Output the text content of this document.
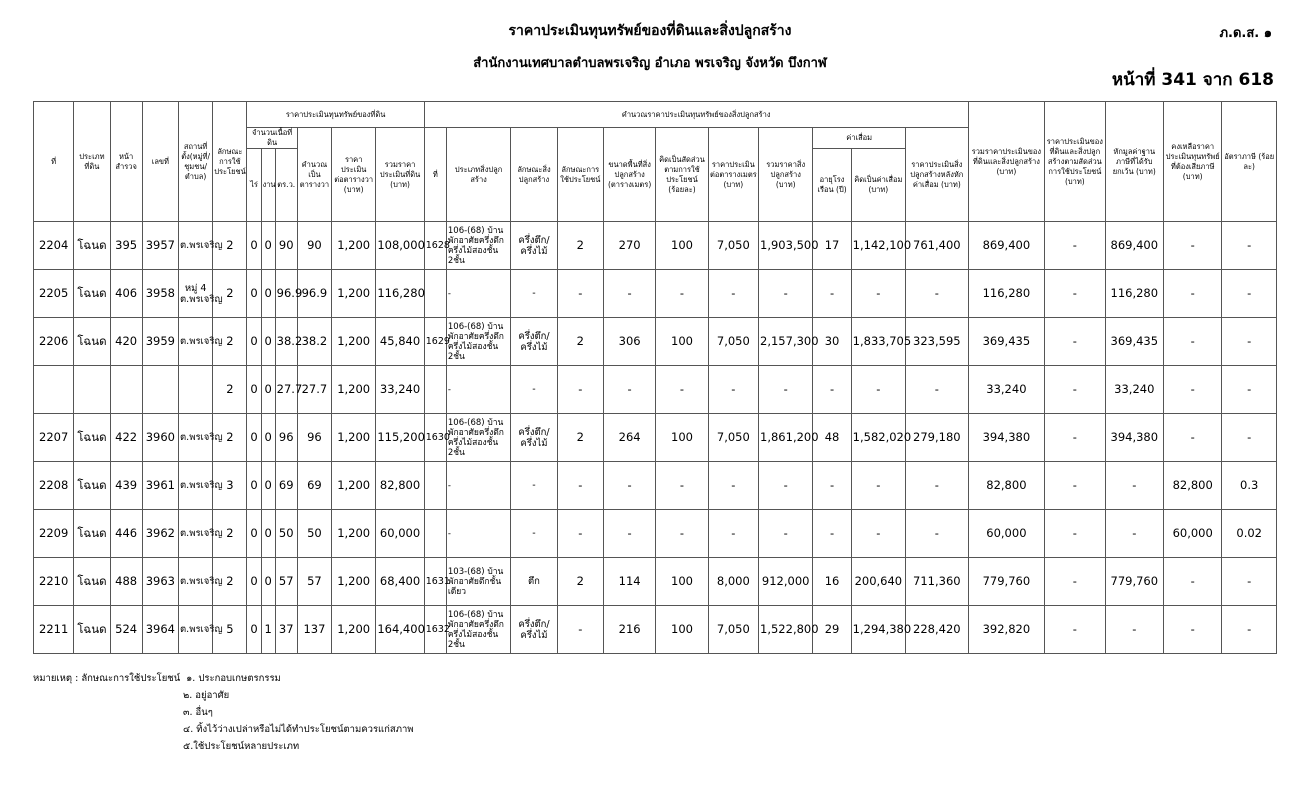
ราคาประเมินทุนทรัพย์ของที่ดินและสิ่งปลูกสร้าง	ภ.ด.ส. ๑
สำนักงานเทศบาลตำบลพรเจริญ อำเภอ พรเจริญ จังหวัด บึงกาฬ
หน้าที่ 341 จาก 618
ที่	ประเภทที่ดิน	หน้าสำรวจ	เลขที่	สถานที่ตั้ง(หมู่ที่/ชุมชน/ตำบล)	ลักษณะการใช้ประโยชน์	ราคาประเมินทุนทรัพย์ของที่ดิน						คำนวณราคาประเมินทุนทรัพย์ของสิ่งปลูกสร้าง											รวมราคาประเมินของที่ดินและสิ่งปลูกสร้าง (บาท)	ราคาประเมินของที่ดินและสิ่งปลูกสร้างตามสัดส่วนการใช้ประโยชน์ (บาท)	หักมูลค่าฐานภาษีที่ได้รับยกเว้น (บาท)	คงเหลือราคาประเมินทุนทรัพย์ที่ต้องเสียภาษี (บาท)	อัตราภาษี (ร้อยละ)
						จำนวนเนื้อที่ดิน			คำนวณเป็นตารางวา	ราคาประเมินต่อตารางวา (บาท)	รวมราคาประเมินที่ดิน (บาท)	ที่	ประเภทสิ่งปลูกสร้าง	ลักษณะสิ่งปลูกสร้าง	ลักษณะการใช้ประโยชน์	ขนาดพื้นที่สิ่งปลูกสร้าง (ตารางเมตร)	คิดเป็นสัดส่วนตามการใช้ประโยชน์ (ร้อยละ)	ราคาประเมินต่อตารางเมตร (บาท)	รวมราคาสิ่งปลูกสร้าง (บาท)	ค่าเสื่อม		ราคาประเมินสิ่งปลูกสร้างหลังหักค่าเสื่อม (บาท)					
						ไร่	งาน	ตร.ว.												อายุโรงเรือน (ปี)	คิดเป็นค่าเสื่อม (บาท)						
2204	โฉนด	395	3957	ต.พรเจริญ	2	0	0	90	90	1,200	108,000	1628	106-(68) บ้านพักอาศัยครึ่งตึกครึ่งไม้สองชั้น 2ชั้น	ครึ่งตึก/ครึ่งไม้	2	270	100	7,050	1,903,500	17	1,142,100	761,400	869,400	-	869,400	-	-
2205	โฉนด	406	3958	หมู่ 4 ต.พรเจริญ	2	0	0	96.9	96.9	1,200	116,280		-	-	-	-	-	-	-	-	-	-	116,280	-	116,280	-	-
2206	โฉนด	420	3959	ต.พรเจริญ	2	0	0	38.2	38.2	1,200	45,840	1629	106-(68) บ้านพักอาศัยครึ่งตึกครึ่งไม้สองชั้น 2ชั้น	ครึ่งตึก/ครึ่งไม้	2	306	100	7,050	2,157,300	30	1,833,705	323,595	369,435	-	369,435	-	-
					2	0	0	27.7	27.7	1,200	33,240		-	-	-	-	-	-	-	-	-	-	33,240	-	33,240	-	-
2207	โฉนด	422	3960	ต.พรเจริญ	2	0	0	96	96	1,200	115,200	1630	106-(68) บ้านพักอาศัยครึ่งตึกครึ่งไม้สองชั้น 2ชั้น	ครึ่งตึก/ครึ่งไม้	2	264	100	7,050	1,861,200	48	1,582,020	279,180	394,380	-	394,380	-	-
2208	โฉนด	439	3961	ต.พรเจริญ	3	0	0	69	69	1,200	82,800		-	-	-	-	-	-	-	-	-	-	82,800	-	-	82,800	0.3
2209	โฉนด	446	3962	ต.พรเจริญ	2	0	0	50	50	1,200	60,000		-	-	-	-	-	-	-	-	-	-	60,000	-	-	60,000	0.02
2210	โฉนด	488	3963	ต.พรเจริญ	2	0	0	57	57	1,200	68,400	1631	103-(68) บ้านพักอาศัยตึกชั้นเดียว	ตึก	2	114	100	8,000	912,000	16	200,640	711,360	779,760	-	779,760	-	-
2211	โฉนด	524	3964	ต.พรเจริญ	5	0	1	37	137	1,200	164,400	1632	106-(68) บ้านพักอาศัยครึ่งตึกครึ่งไม้สองชั้น 2ชั้น	ครึ่งตึก/ครึ่งไม้	-	216	100	7,050	1,522,800	29	1,294,380	228,420	392,820	-	-	-	-
หมายเหตุ : ลักษณะการใช้ประโยชน์ ๑. ประกอบเกษตรกรรม
๒. อยู่อาศัย
๓. อื่นๆ
๔. ทิ้งไว้ว่างเปล่าหรือไม่ได้ทำประโยชน์ตามควรแก่สภาพ
๕.ใช้ประโยชน์หลายประเภท
